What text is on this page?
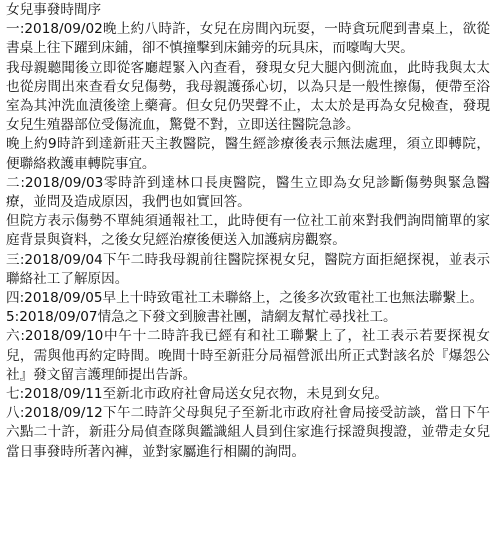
女兒事發時間序

一:2018/09/02晚上約八時許，女兒在房間內玩耍，一時貪玩爬到書桌上，欲從書桌上往下躍到床鋪，卻不慎撞擊到床鋪旁的玩具床，而嚎啕大哭。

我母親聽聞後立即從客廳趕緊入內查看，發現女兒大腿內側流血，此時我與太太也從房間出來查看女兒傷勢，我母親護孫心切，以為只是一般性擦傷，便帶至浴室為其沖洗血漬後塗上藥膏。但女兒仍哭聲不止，太太於是再為女兒檢查，發現女兒生殖器部位受傷流血，驚覺不對，立即送往醫院急診。

晚上約9時許到達新莊天主教醫院，醫生經診療後表示無法處理，須立即轉院，便聯絡救護車轉院事宜。

二:2018/09/03零時許到達林口長庚醫院，醫生立即為女兒診斷傷勢與緊急醫療，並問及造成原因，我們也如實回答。

但院方表示傷勢不單純須通報社工，此時便有一位社工前來對我們詢問簡單的家庭背景與資料，之後女兒經治療後便送入加護病房觀察。

三:2018/09/04下午二時我母親前往醫院探視女兒，醫院方面拒絕探視，並表示聯絡社工了解原因。

四:2018/09/05早上十時致電社工未聯絡上，之後多次致電社工也無法聯繫上。

5:2018/09/07情急之下發文到臉書社團，請網友幫忙尋找社工。

六:2018/09/10中午十二時許我已經有和社工聯繫上了，社工表示若要探視女兒，需與他再約定時間。晚間十時至新莊分局福營派出所正式對該名於『爆怨公社』發文留言護理師提出告訴。

七:2018/09/11至新北市政府社會局送女兒衣物，未見到女兒。

八:2018/09/12下午二時許父母與兒子至新北市政府社會局接受訪談，當日下午六點二十許，新莊分局偵查隊與鑑識組人員到住家進行採證與搜證，並帶走女兒當日事發時所著內褲，並對家屬進行相關的詢問。
